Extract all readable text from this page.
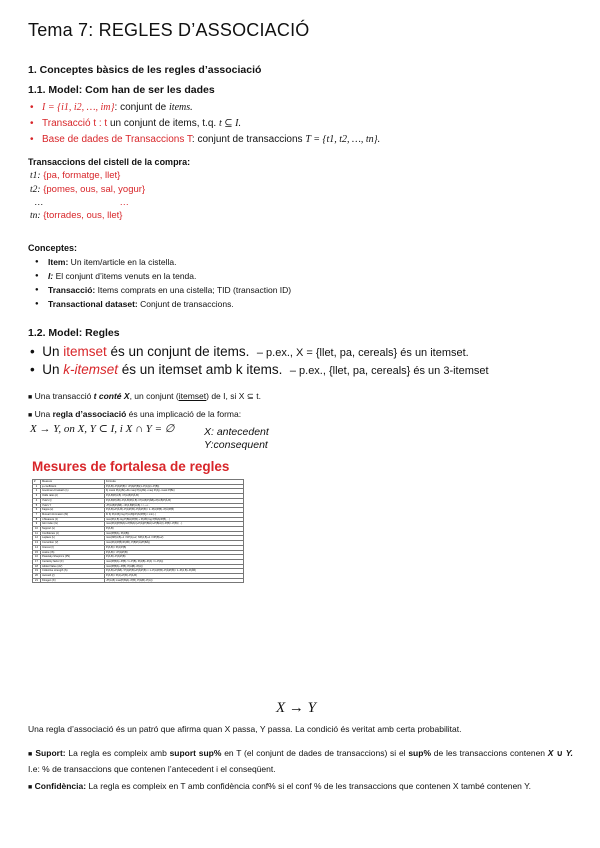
Tema 7: REGLES D’ASSOCIACIÓ
1. Conceptes bàsics de les regles d’associació
1.1. Model: Com han de ser les dades
• I = {i1, i2, …, im}: conjunt de items.
• Transacció t : t un conjunt de items, t.q. t ⊆ I.
• Base de dades de Transaccions T: conjunt de transaccions T = {t1, t2, …, tn}.
Transaccions del cistell de la compra:
t1: {pa, formatge, llet}
t2: {pomes, ous, sal, yogur}
…	…
tn: {torrades, ous, llet}
Conceptes:
● Item: Un item/article en la cistella.
● I: El conjunt d’items venuts en la tenda.
● Transacció: Items comprats en una cistella; TID (transaction ID)
● Transactional dataset: Conjunt de transaccions.
1.2. Model: Regles
•  Un itemset és un conjunt de items. – p.ex., X = {llet, pa, cereals} és un itemset.
•  Un k-itemset és un itemset amb k items. – p.ex., {llet, pa, cereals} és un 3-itemset
■ Una transacció t conté X, un conjunt (itemset) de I, si X ⊆ t.
■ Una regla d’associació és una implicació de la forma:
X → Y, on X, Y ⊂ I, i X ∩ Y = ∅	X: antecedent
Y:consequent
Mesures de fortalesa de regles
#	Measure	Formula
1	φ-coefficient	P(A,B)−P(A)P(B) / √P(A)P(B)(1−P(A))(1−P(B))
2	Goodman-Kruskal's (λ)	Σj maxk P(Aj,Bk)+Σk maxj P(Aj,Bk)−maxj P(Aj)−maxk P(Bk)
3	Odds ratio (α)	P(A,B)P(Ā,B̄) / P(A,B̄)P(Ā,B)
4	Yule's Q	P(A,B)P(ĀB̄)−P(A,B̄)P(Ā,B) / P(A,B)P(ĀB̄)+P(A,B̄)P(Ā,B)
5	Yule's Y	√P(A,B)P(ĀB̄)−√P(A,B̄)P(Ā,B) / √..+√..
6	Kappa (κ)	P(A,B)+P(Ā,B̄)−P(A)P(B)−P(Ā)P(B̄) / 1−P(A)P(B)−P(Ā)P(B̄)
7	Mutual Information (M)	Σi Σj P(Ai,Bj) log P(Ai,Bj)/P(Ai)P(Bj) / min(..)
8	J-Measure (J)	max(P(A,B) log P(B|A)/P(B) + P(AB̄) log P(B̄|A)/P(B̄), ..)
9	Gini index (G)	max(P(A)[P(B|A)²+P(B̄|A)²]+P(Ā)[P(B|Ā)²+P(B̄|Ā)²]−P(B)²−P(B̄)², ..)
10	Support (s)	P(A,B)
11	Confidence (c)	max(P(B|A), P(A|B))
12	Laplace (L)	max(NP(A,B)+1 / NP(A)+2, NP(A,B)+1 / NP(B)+2)
13	Conviction (V)	max(P(A)P(B̄)/P(AB̄), P(B)P(Ā)/P(BĀ))
14	Interest (I)	P(A,B) / P(A)P(B)
15	cosine (IS)	P(A,B) / √P(A)P(B)
16	Piatetsky-Shapiro's (PS)	P(A,B)−P(A)P(B)
17	Certainty factor (F)	max(P(B|A)−P(B) / 1−P(B), P(A|B)−P(A) / 1−P(A))
18	Added Value (AV)	max(P(B|A)−P(B), P(A|B)−P(A))
19	Collective strength (S)	P(A,B)+P(ĀB̄) / P(A)P(B)+P(Ā)P(B̄) × 1−P(A)P(B)−P(Ā)P(B̄) / 1−P(A,B)−P(ĀB̄)
20	Jaccard (ζ)	P(A,B) / P(A)+P(B)−P(A,B)
21	Klosgen (K)	√P(A,B) max(P(B|A)−P(B), P(A|B)−P(A))
X → Y
Una regla d’associació és un patró que afirma quan X passa, Y passa. La condició és veritat amb certa probabilitat.
■ Suport: La regla es compleix amb suport sup% en T (el conjunt de dades de transaccions) si el sup% de les transaccions contenen X ∪ Y. I.e: % de transaccions que contenen l’antecedent i el conseqüent.
■ Confidència: La regla es compleix en T amb confidència conf% si el conf % de les transaccions que contenen X també contenen Y.
